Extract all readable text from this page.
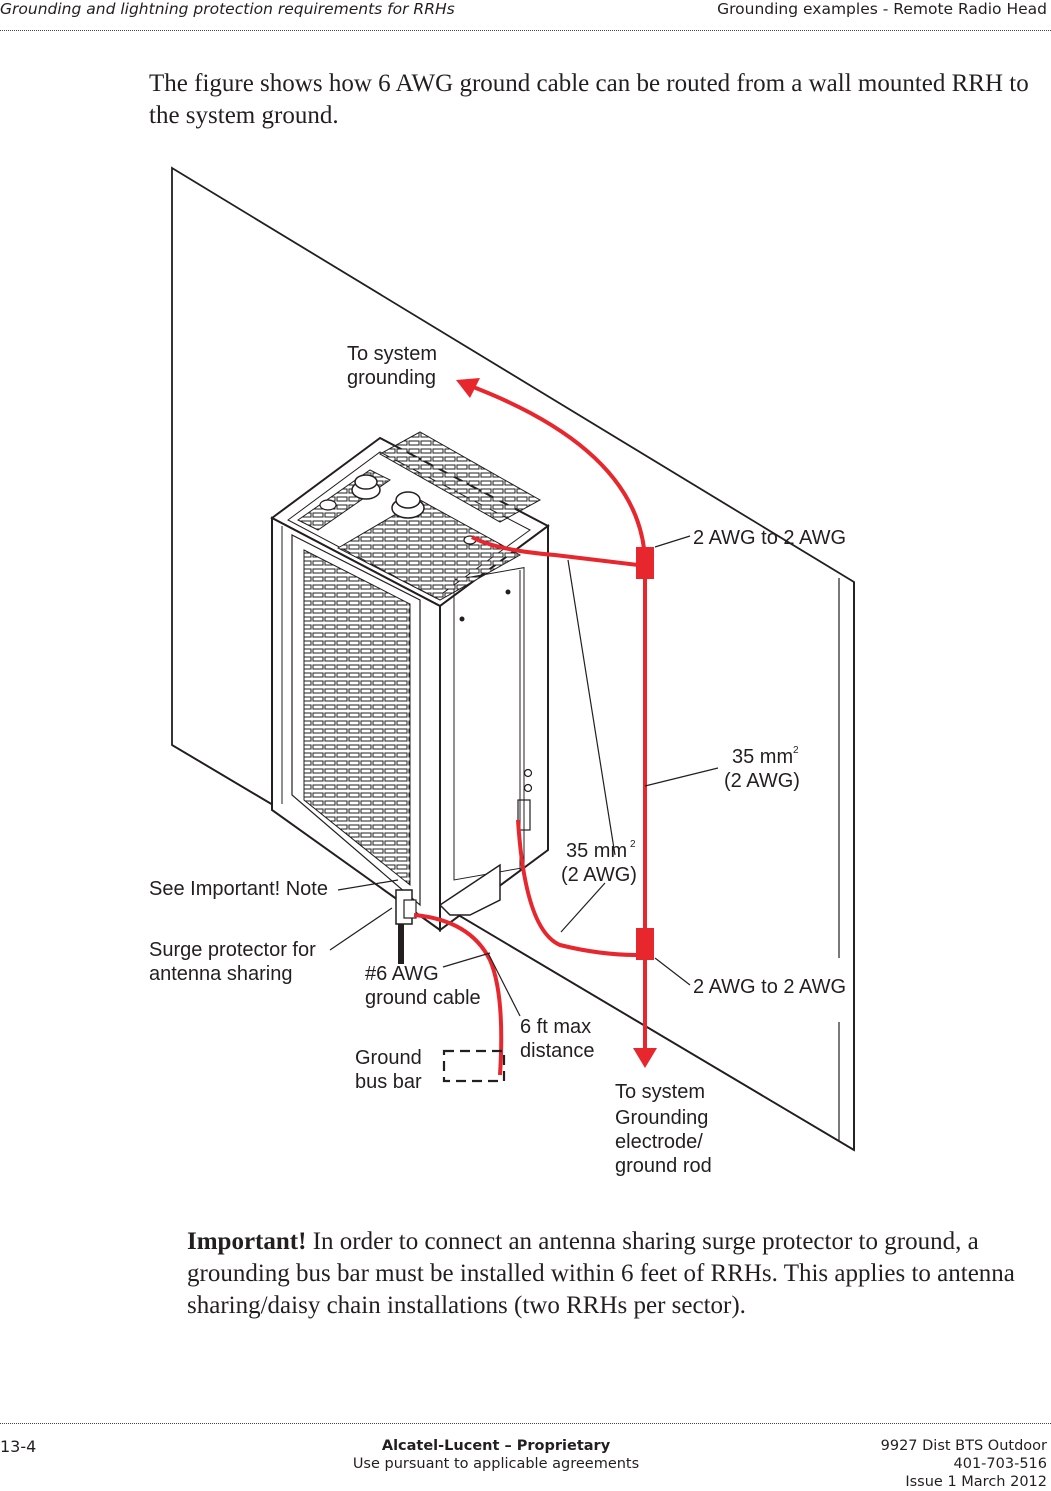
Grounding and lightning protection requirements for RRHs	Grounding examples - Remote Radio Head
The figure shows how 6 AWG ground cable can be routed from a wall mounted RRH to the system ground.
To system grounding
2 AWG to 2 AWG
35 mm (2 AWG)
2
35 mm (2 AWG)
2
2 AWG to 2 AWG
See Important! Note
Surge protector for antenna sharing	#6 AWG ground cable
6 ft max distance
Ground bus bar	To system Grounding electrode/ ground rod
Important! In order to connect an antenna sharing surge protector to ground, a grounding bus bar must be installed within 6 feet of RRHs. This applies to antenna sharing/daisy chain installations (two RRHs per sector).
13-4	Alcatel-Lucent – Proprietary
Use pursuant to applicable agreements
9927 Dist BTS Outdoor
401-703-516
Issue 1 March 2012
